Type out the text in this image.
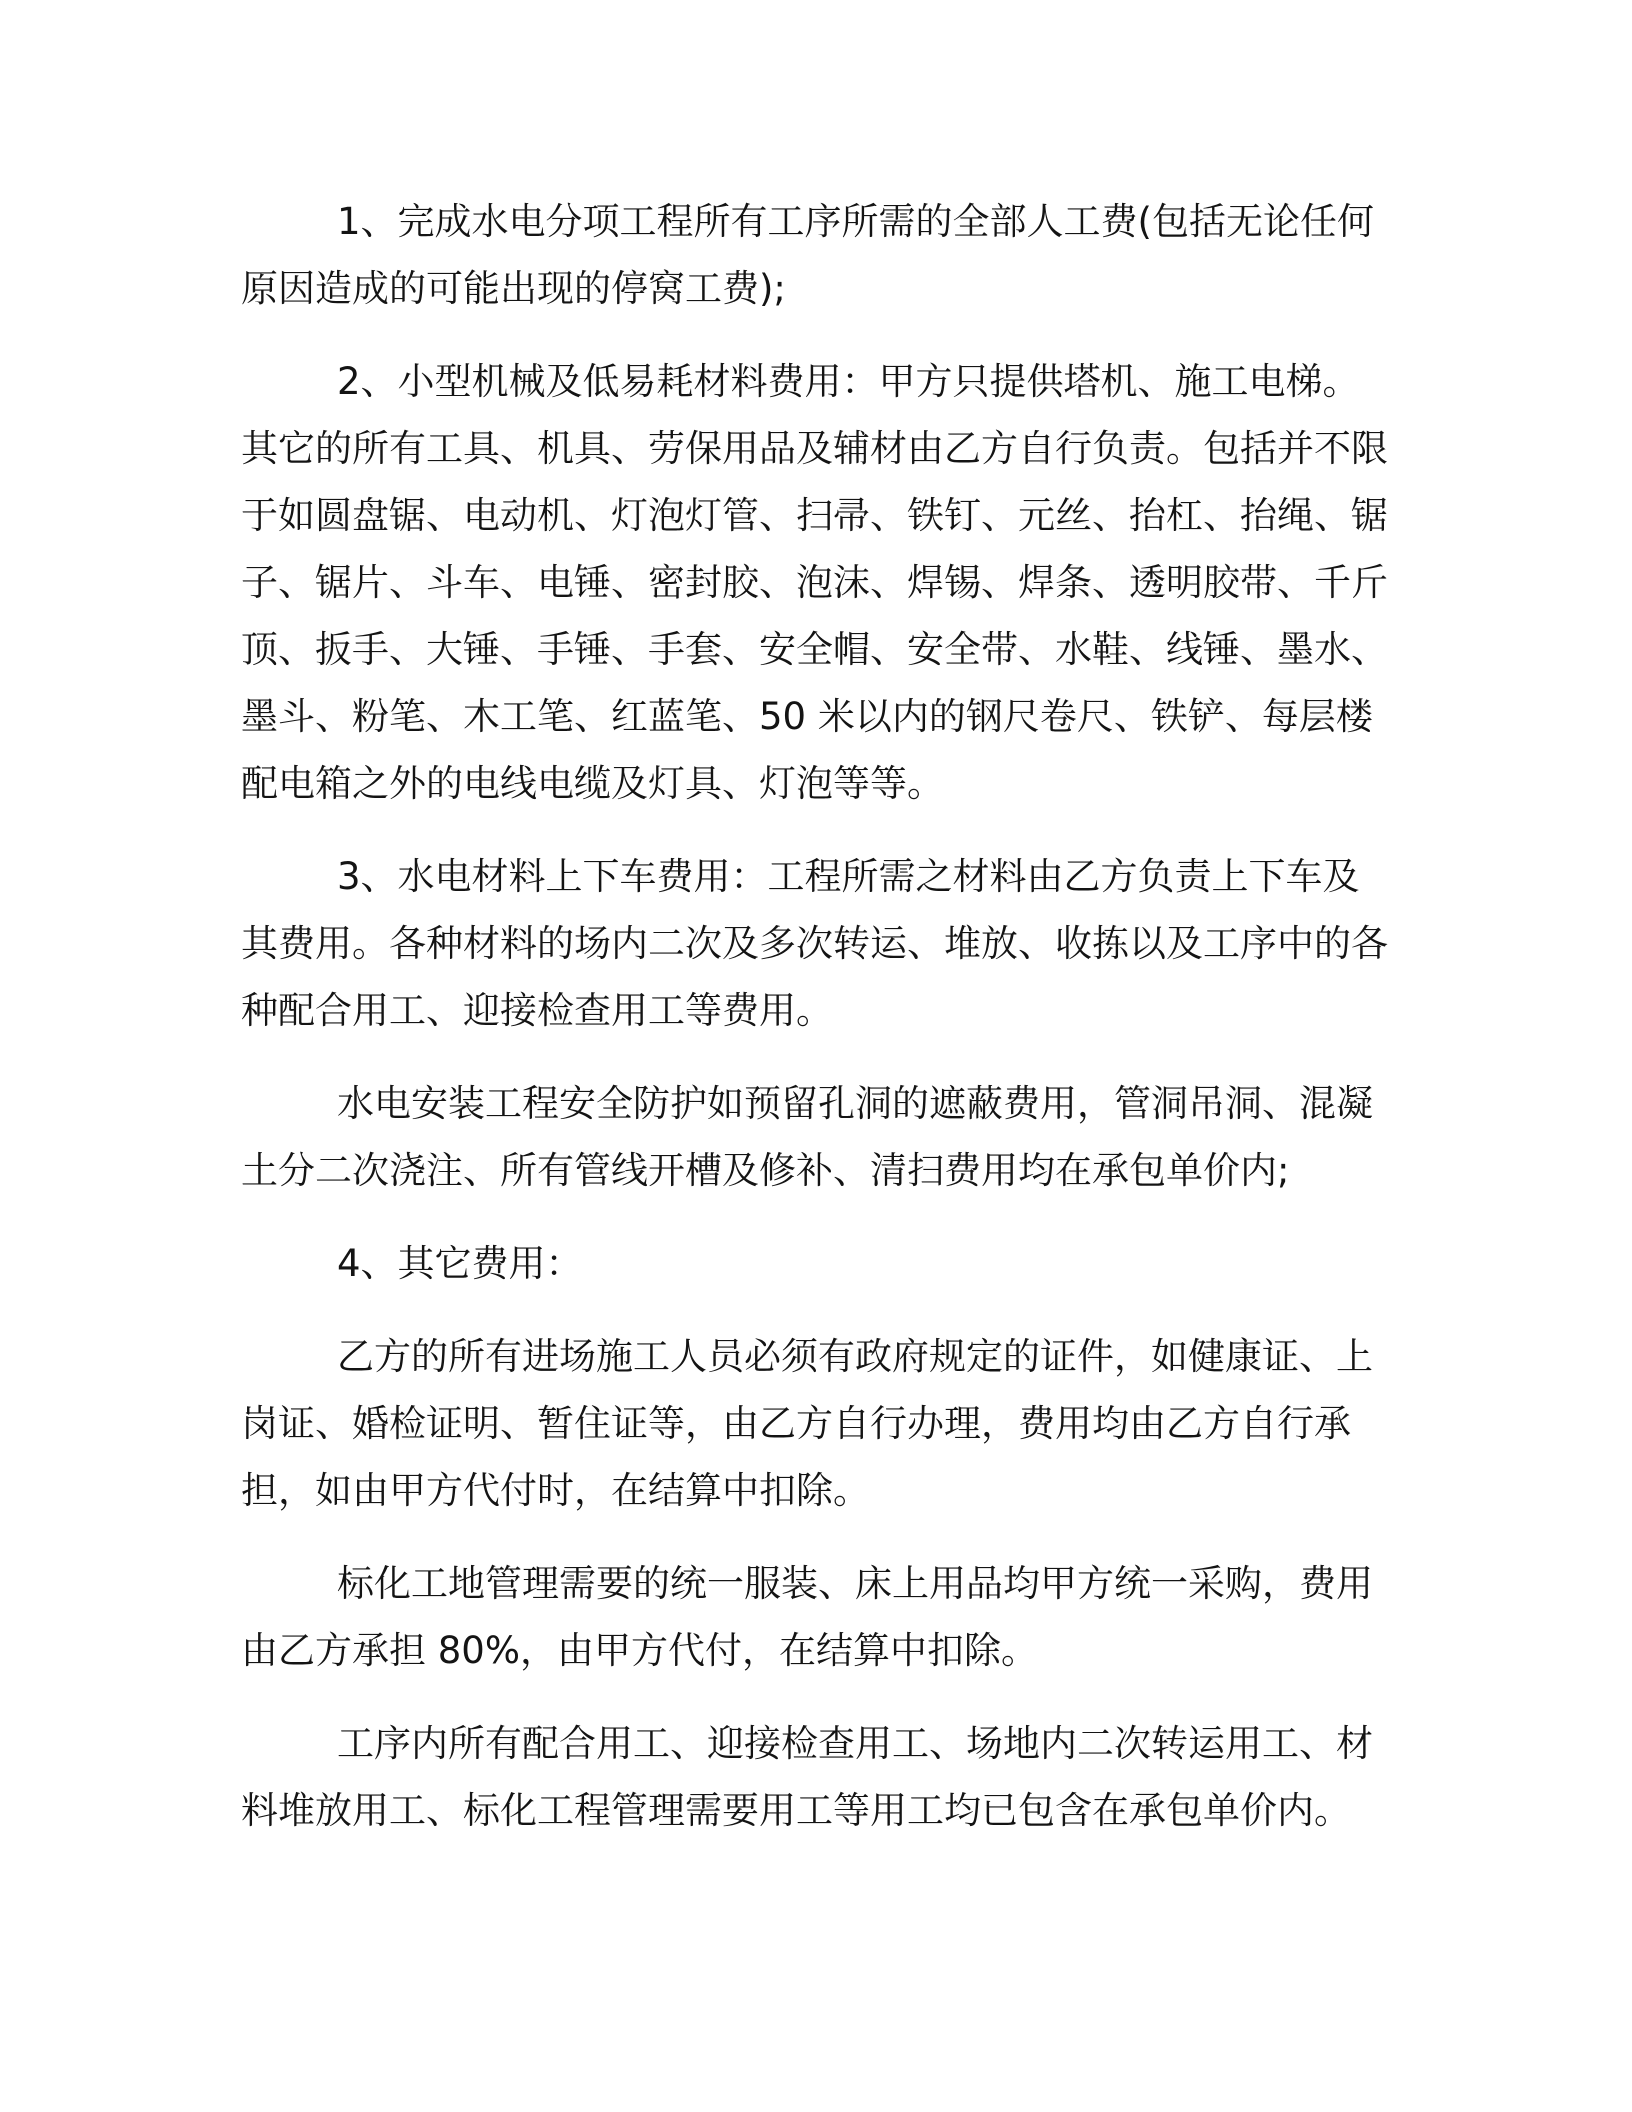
1、完成水电分项工程所有工序所需的全部人工费(包括无论任何原因造成的可能出现的停窝工费);

2、小型机械及低易耗材料费用：甲方只提供塔机、施工电梯。其它的所有工具、机具、劳保用品及辅材由乙方自行负责。包括并不限于如圆盘锯、电动机、灯泡灯管、扫帚、铁钉、元丝、抬杠、抬绳、锯子、锯片、斗车、电锤、密封胶、泡沫、焊锡、焊条、透明胶带、千斤顶、扳手、大锤、手锤、手套、安全帽、安全带、水鞋、线锤、墨水、墨斗、粉笔、木工笔、红蓝笔、50 米以内的钢尺卷尺、铁铲、每层楼配电箱之外的电线电缆及灯具、灯泡等等。

3、水电材料上下车费用：工程所需之材料由乙方负责上下车及其费用。各种材料的场内二次及多次转运、堆放、收拣以及工序中的各种配合用工、迎接检查用工等费用。

水电安装工程安全防护如预留孔洞的遮蔽费用，管洞吊洞、混凝土分二次浇注、所有管线开槽及修补、清扫费用均在承包单价内;

4、其它费用：

乙方的所有进场施工人员必须有政府规定的证件，如健康证、上岗证、婚检证明、暂住证等，由乙方自行办理，费用均由乙方自行承担，如由甲方代付时，在结算中扣除。

标化工地管理需要的统一服装、床上用品均甲方统一采购，费用由乙方承担 80%，由甲方代付，在结算中扣除。

工序内所有配合用工、迎接检查用工、场地内二次转运用工、材料堆放用工、标化工程管理需要用工等用工均已包含在承包单价内。
